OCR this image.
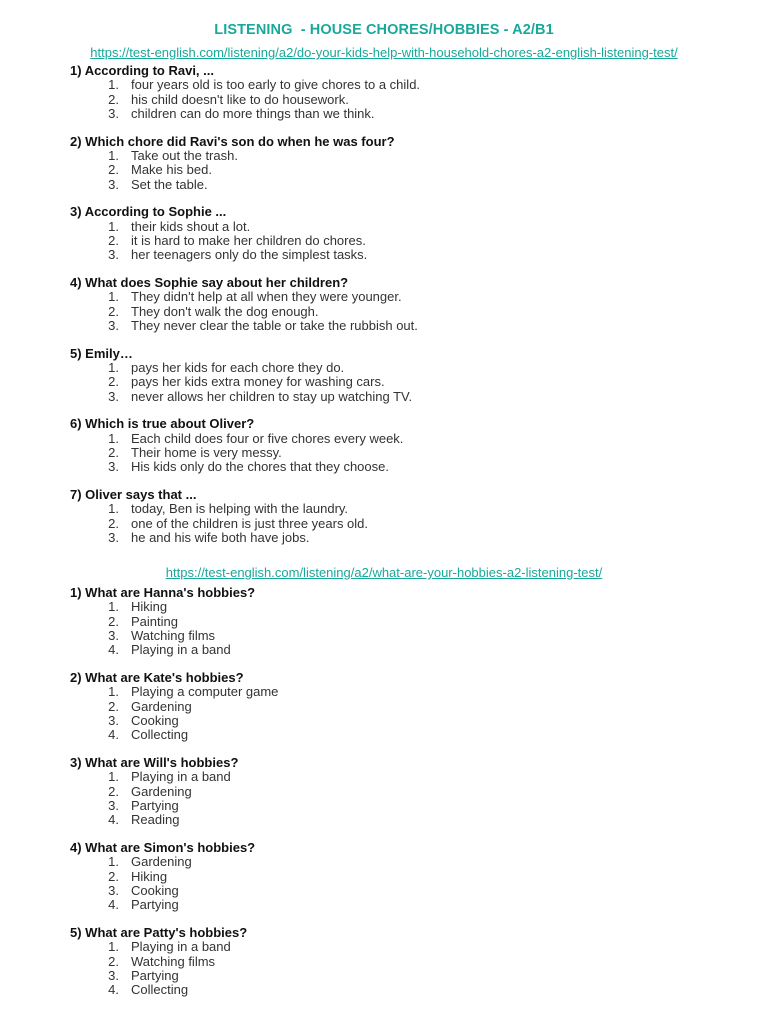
LISTENING  - HOUSE CHORES/HOBBIES - A2/B1
https://test-english.com/listening/a2/do-your-kids-help-with-household-chores-a2-english-listening-test/
1) According to Ravi, ...
1. four years old is too early to give chores to a child.
2. his child doesn't like to do housework.
3. children can do more things than we think.
2) Which chore did Ravi's son do when he was four?
1. Take out the trash.
2. Make his bed.
3. Set the table.
3) According to Sophie ...
1. their kids shout a lot.
2. it is hard to make her children do chores.
3. her teenagers only do the simplest tasks.
4) What does Sophie say about her children?
1. They didn't help at all when they were younger.
2. They don't walk the dog enough.
3. They never clear the table or take the rubbish out.
5) Emily…
1. pays her kids for each chore they do.
2. pays her kids extra money for washing cars.
3. never allows her children to stay up watching TV.
6) Which is true about Oliver?
1. Each child does four or five chores every week.
2. Their home is very messy.
3. His kids only do the chores that they choose.
7) Oliver says that ...
1. today, Ben is helping with the laundry.
2. one of the children is just three years old.
3. he and his wife both have jobs.
https://test-english.com/listening/a2/what-are-your-hobbies-a2-listening-test/
1) What are Hanna's hobbies?
1. Hiking
2. Painting
3. Watching films
4. Playing in a band
2) What are Kate's hobbies?
1. Playing a computer game
2. Gardening
3. Cooking
4. Collecting
3) What are Will's hobbies?
1. Playing in a band
2. Gardening
3. Partying
4. Reading
4) What are Simon's hobbies?
1. Gardening
2. Hiking
3. Cooking
4. Partying
5) What are Patty's hobbies?
1. Playing in a band
2. Watching films
3. Partying
4. Collecting
